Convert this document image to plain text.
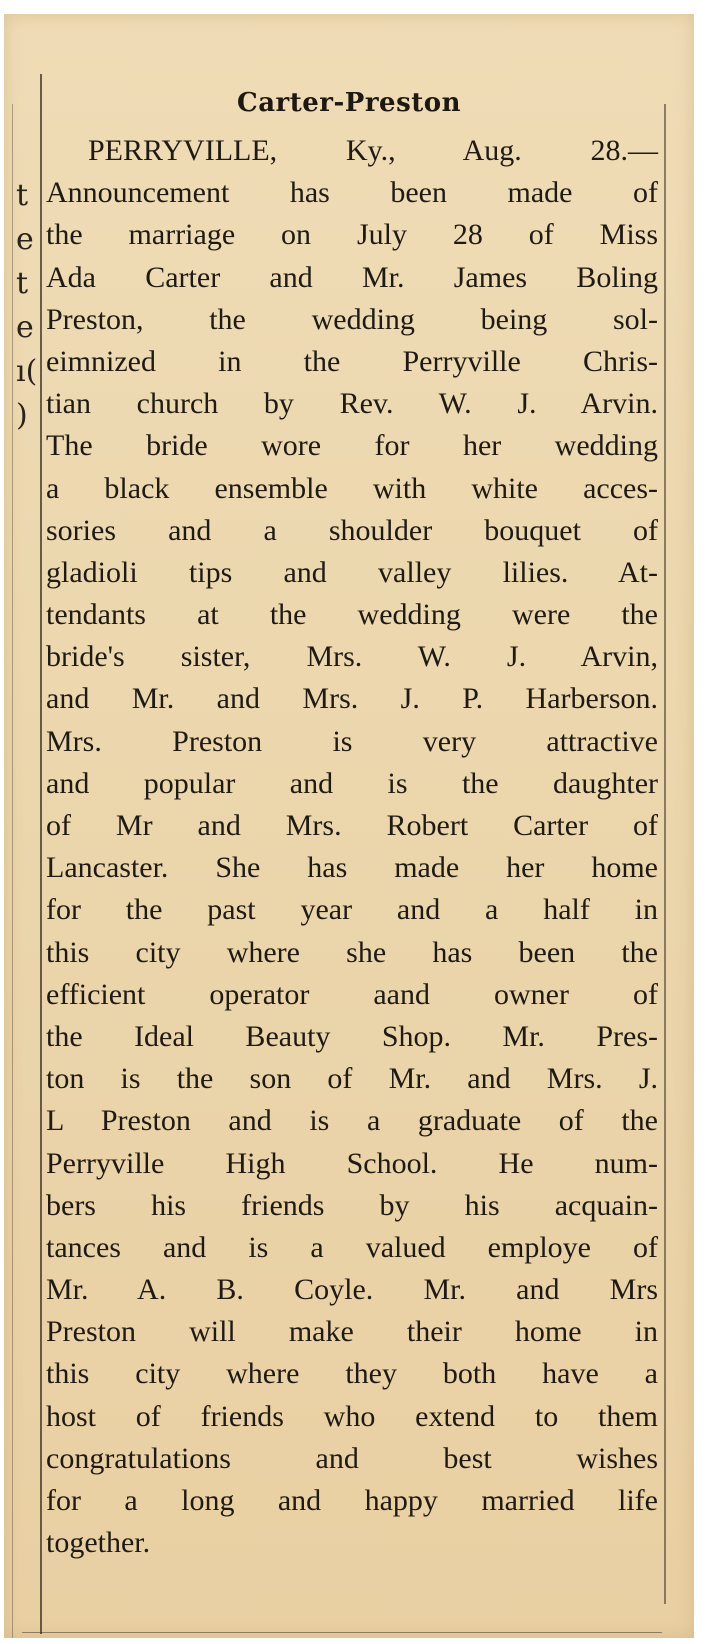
t
e
t
e
ı(
)
Carter-Preston
PERRYVILLE, Ky., Aug. 28.—
Announcement has been made of
the marriage on July 28 of Miss
Ada Carter and Mr. James Boling
Preston, the wedding being sol-
eimnized in the Perryville Chris-
tian church by Rev. W. J. Arvin.
The bride wore for her wedding
a black ensemble with white acces-
sories and a shoulder bouquet of
gladioli tips and valley lilies. At-
tendants at the wedding were the
bride's sister, Mrs. W. J. Arvin,
and Mr. and Mrs. J. P. Harberson.
Mrs. Preston is very attractive
and popular and is the daughter
of Mr and Mrs. Robert Carter of
Lancaster. She has made her home
for the past year and a half in
this city where she has been the
efficient operator aand owner of
the Ideal Beauty Shop. Mr. Pres-
ton is the son of Mr. and Mrs. J.
L Preston and is a graduate of the
Perryville High School. He num-
bers his friends by his acquain-
tances and is a valued employe of
Mr. A. B. Coyle. Mr. and Mrs
Preston will make their home in
this city where they both have a
host of friends who extend to them
congratulations and best wishes
for a long and happy married life
together.
